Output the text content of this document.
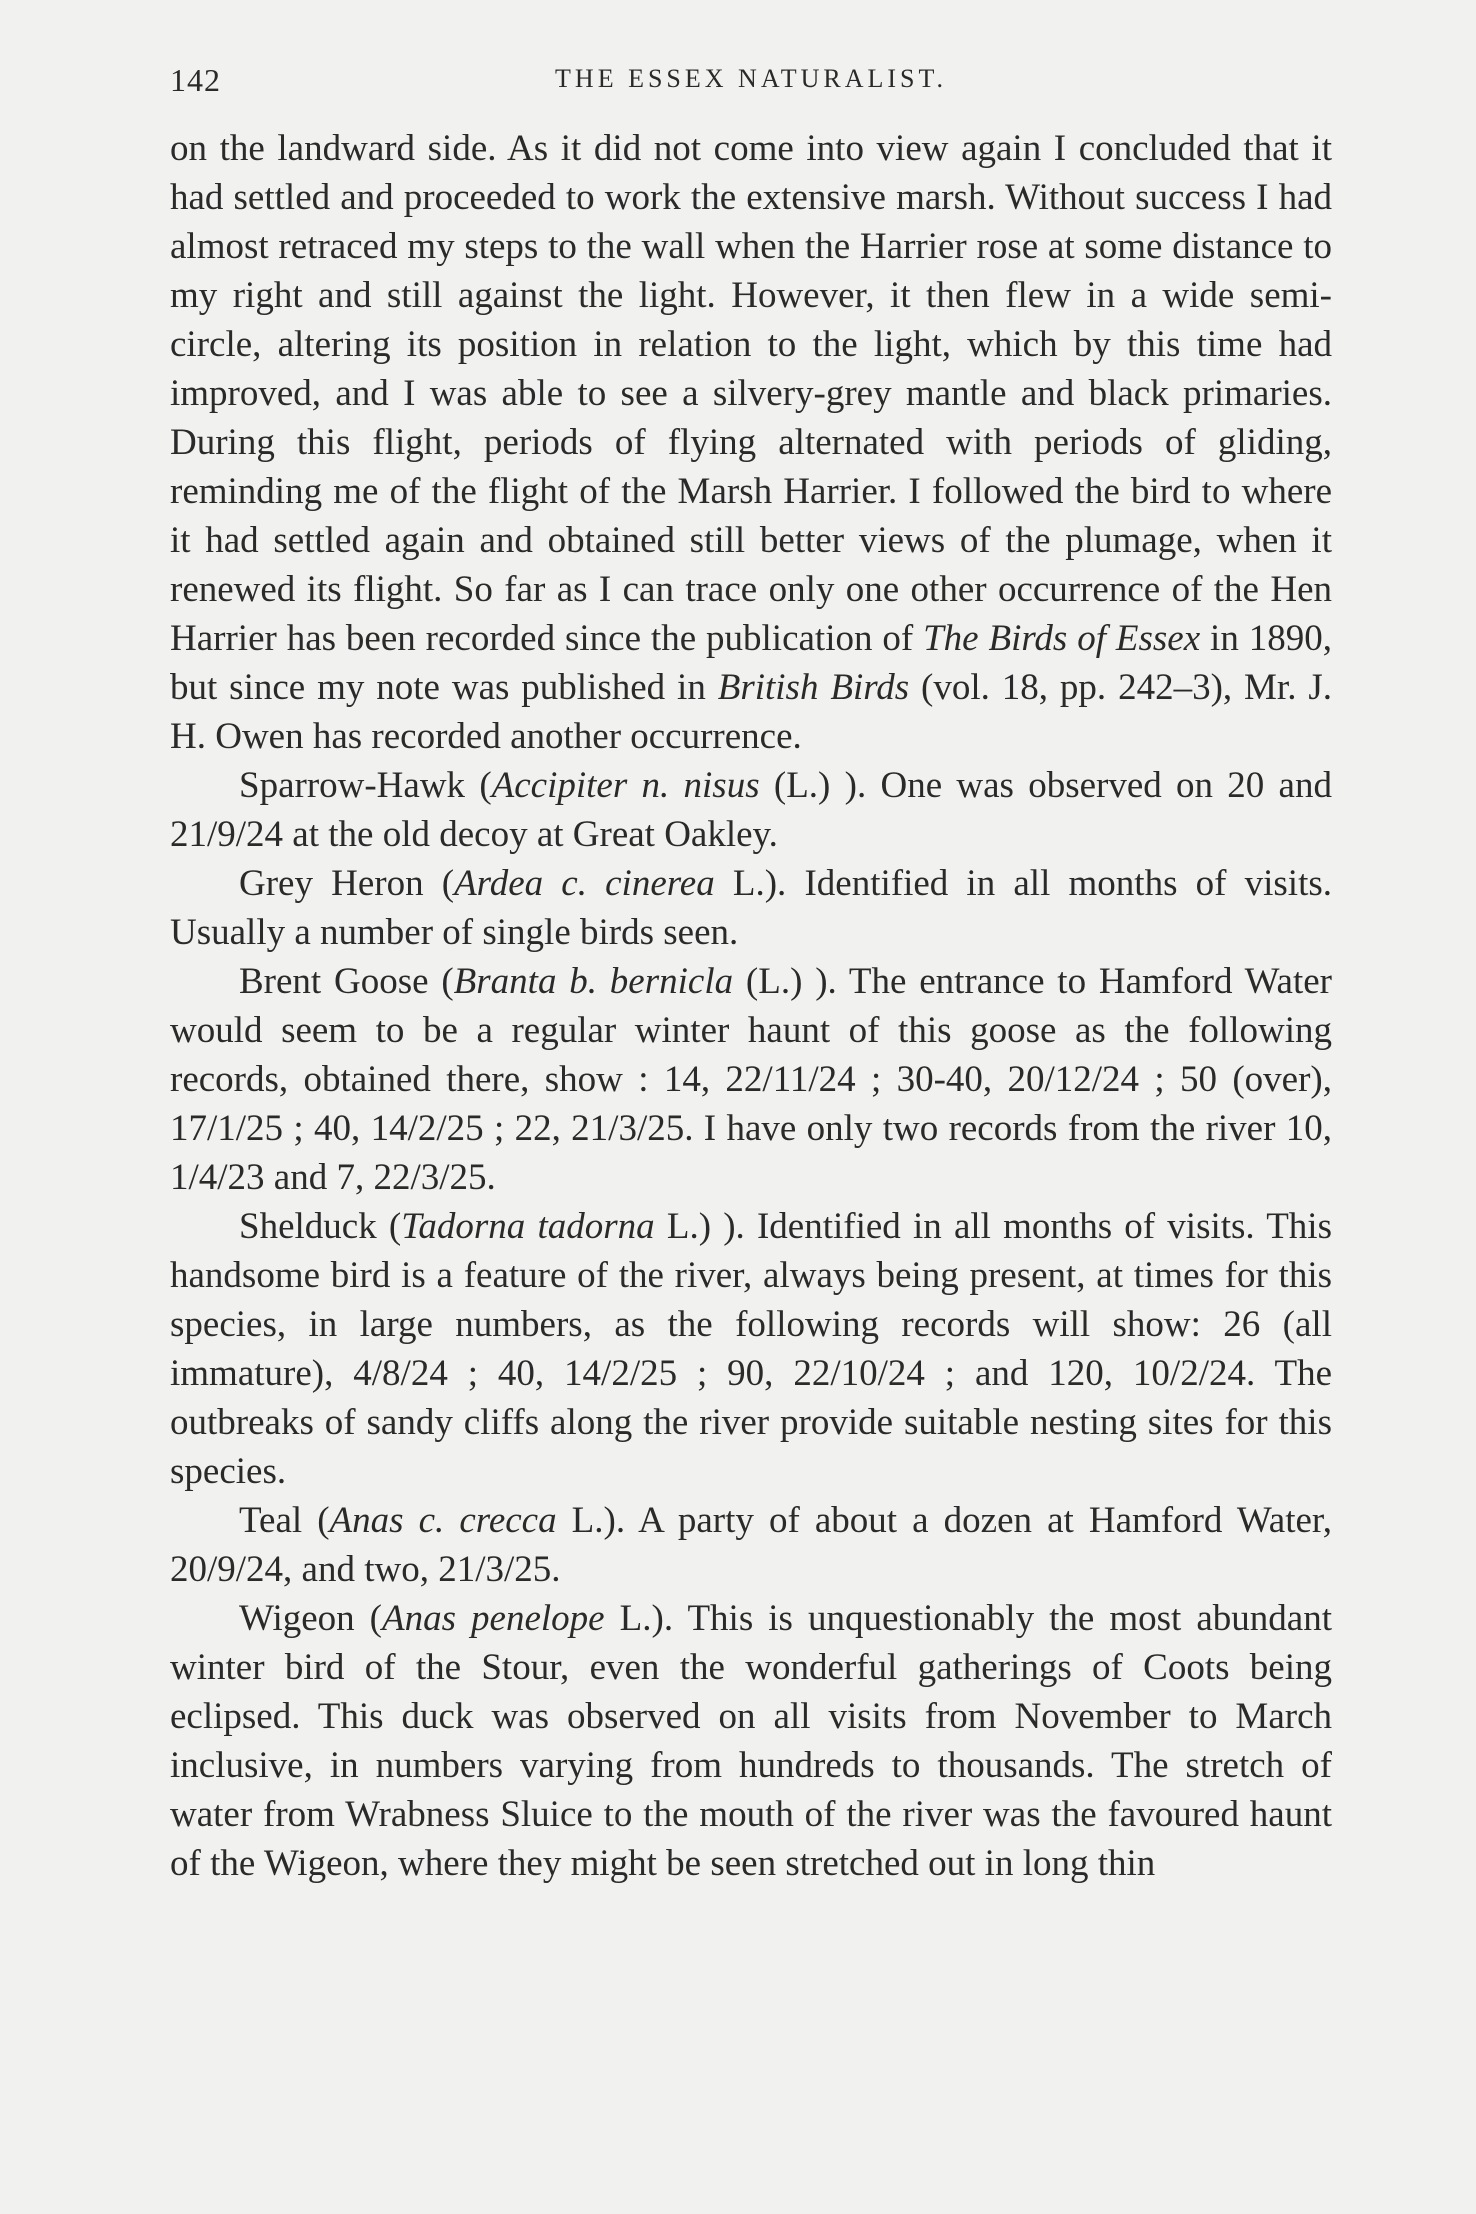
142	THE ESSEX NATURALIST.

on the landward side. As it did not come into view again I concluded that it had settled and proceeded to work the extensive marsh. Without success I had almost retraced my steps to the wall when the Harrier rose at some distance to my right and still against the light. However, it then flew in a wide semi-circle, altering its position in relation to the light, which by this time had improved, and I was able to see a silvery-grey mantle and black primaries. During this flight, periods of flying alternated with periods of gliding, reminding me of the flight of the Marsh Harrier. I followed the bird to where it had settled again and obtained still better views of the plumage, when it renewed its flight. So far as I can trace only one other occurrence of the Hen Harrier has been recorded since the publication of The Birds of Essex in 1890, but since my note was published in British Birds (vol. 18, pp. 242–3), Mr. J. H. Owen has recorded another occurrence.

Sparrow-Hawk (Accipiter n. nisus (L.) ). One was observed on 20 and 21/9/24 at the old decoy at Great Oakley.

Grey Heron (Ardea c. cinerea L.). Identified in all months of visits. Usually a number of single birds seen.

Brent Goose (Branta b. bernicla (L.) ). The entrance to Hamford Water would seem to be a regular winter haunt of this goose as the following records, obtained there, show : 14, 22/11/24 ; 30-40, 20/12/24 ; 50 (over), 17/1/25 ; 40, 14/2/25 ; 22, 21/3/25. I have only two records from the river 10, 1/4/23 and 7, 22/3/25.

Shelduck (Tadorna tadorna L.) ). Identified in all months of visits. This handsome bird is a feature of the river, always being present, at times for this species, in large numbers, as the following records will show: 26 (all immature), 4/8/24 ; 40, 14/2/25 ; 90, 22/10/24 ; and 120, 10/2/24. The outbreaks of sandy cliffs along the river provide suitable nesting sites for this species.

Teal (Anas c. crecca L.). A party of about a dozen at Hamford Water, 20/9/24, and two, 21/3/25.

Wigeon (Anas penelope L.). This is unquestionably the most abundant winter bird of the Stour, even the wonderful gatherings of Coots being eclipsed. This duck was observed on all visits from November to March inclusive, in numbers varying from hundreds to thousands. The stretch of water from Wrabness Sluice to the mouth of the river was the favoured haunt of the Wigeon, where they might be seen stretched out in long thin
